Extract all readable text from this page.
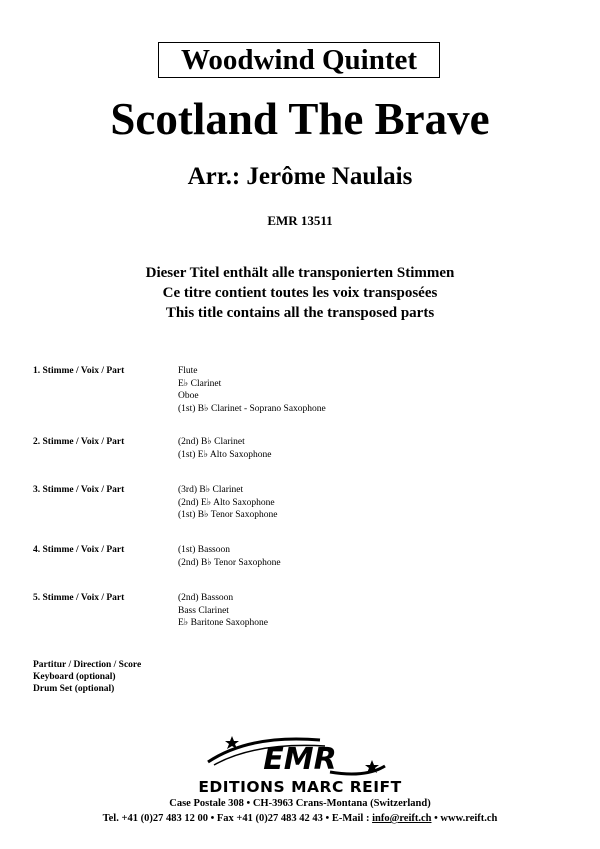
Woodwind Quintet
Scotland The Brave
Arr.: Jerôme Naulais
EMR 13511
Dieser Titel enthält alle transponierten Stimmen
Ce titre contient toutes les voix transposées
This title contains all the transposed parts
1. Stimme / Voix / Part	Flute
E♭ Clarinet
Oboe
(1st) B♭ Clarinet - Soprano Saxophone
2. Stimme / Voix / Part	(2nd) B♭ Clarinet
(1st) E♭ Alto Saxophone
3. Stimme / Voix / Part	(3rd) B♭ Clarinet
(2nd) E♭ Alto Saxophone
(1st) B♭ Tenor Saxophone
4. Stimme / Voix / Part	(1st) Bassoon
(2nd) B♭ Tenor Saxophone
5. Stimme / Voix / Part	(2nd) Bassoon
Bass Clarinet
E♭ Baritone Saxophone
Partitur / Direction / Score
Keyboard (optional)
Drum Set (optional)
EMR
EDITIONS MARC REIFT
Case Postale 308 • CH-3963 Crans-Montana (Switzerland)
Tel. +41 (0)27 483 12 00 • Fax +41 (0)27 483 42 43 • E-Mail : info@reift.ch • www.reift.ch
